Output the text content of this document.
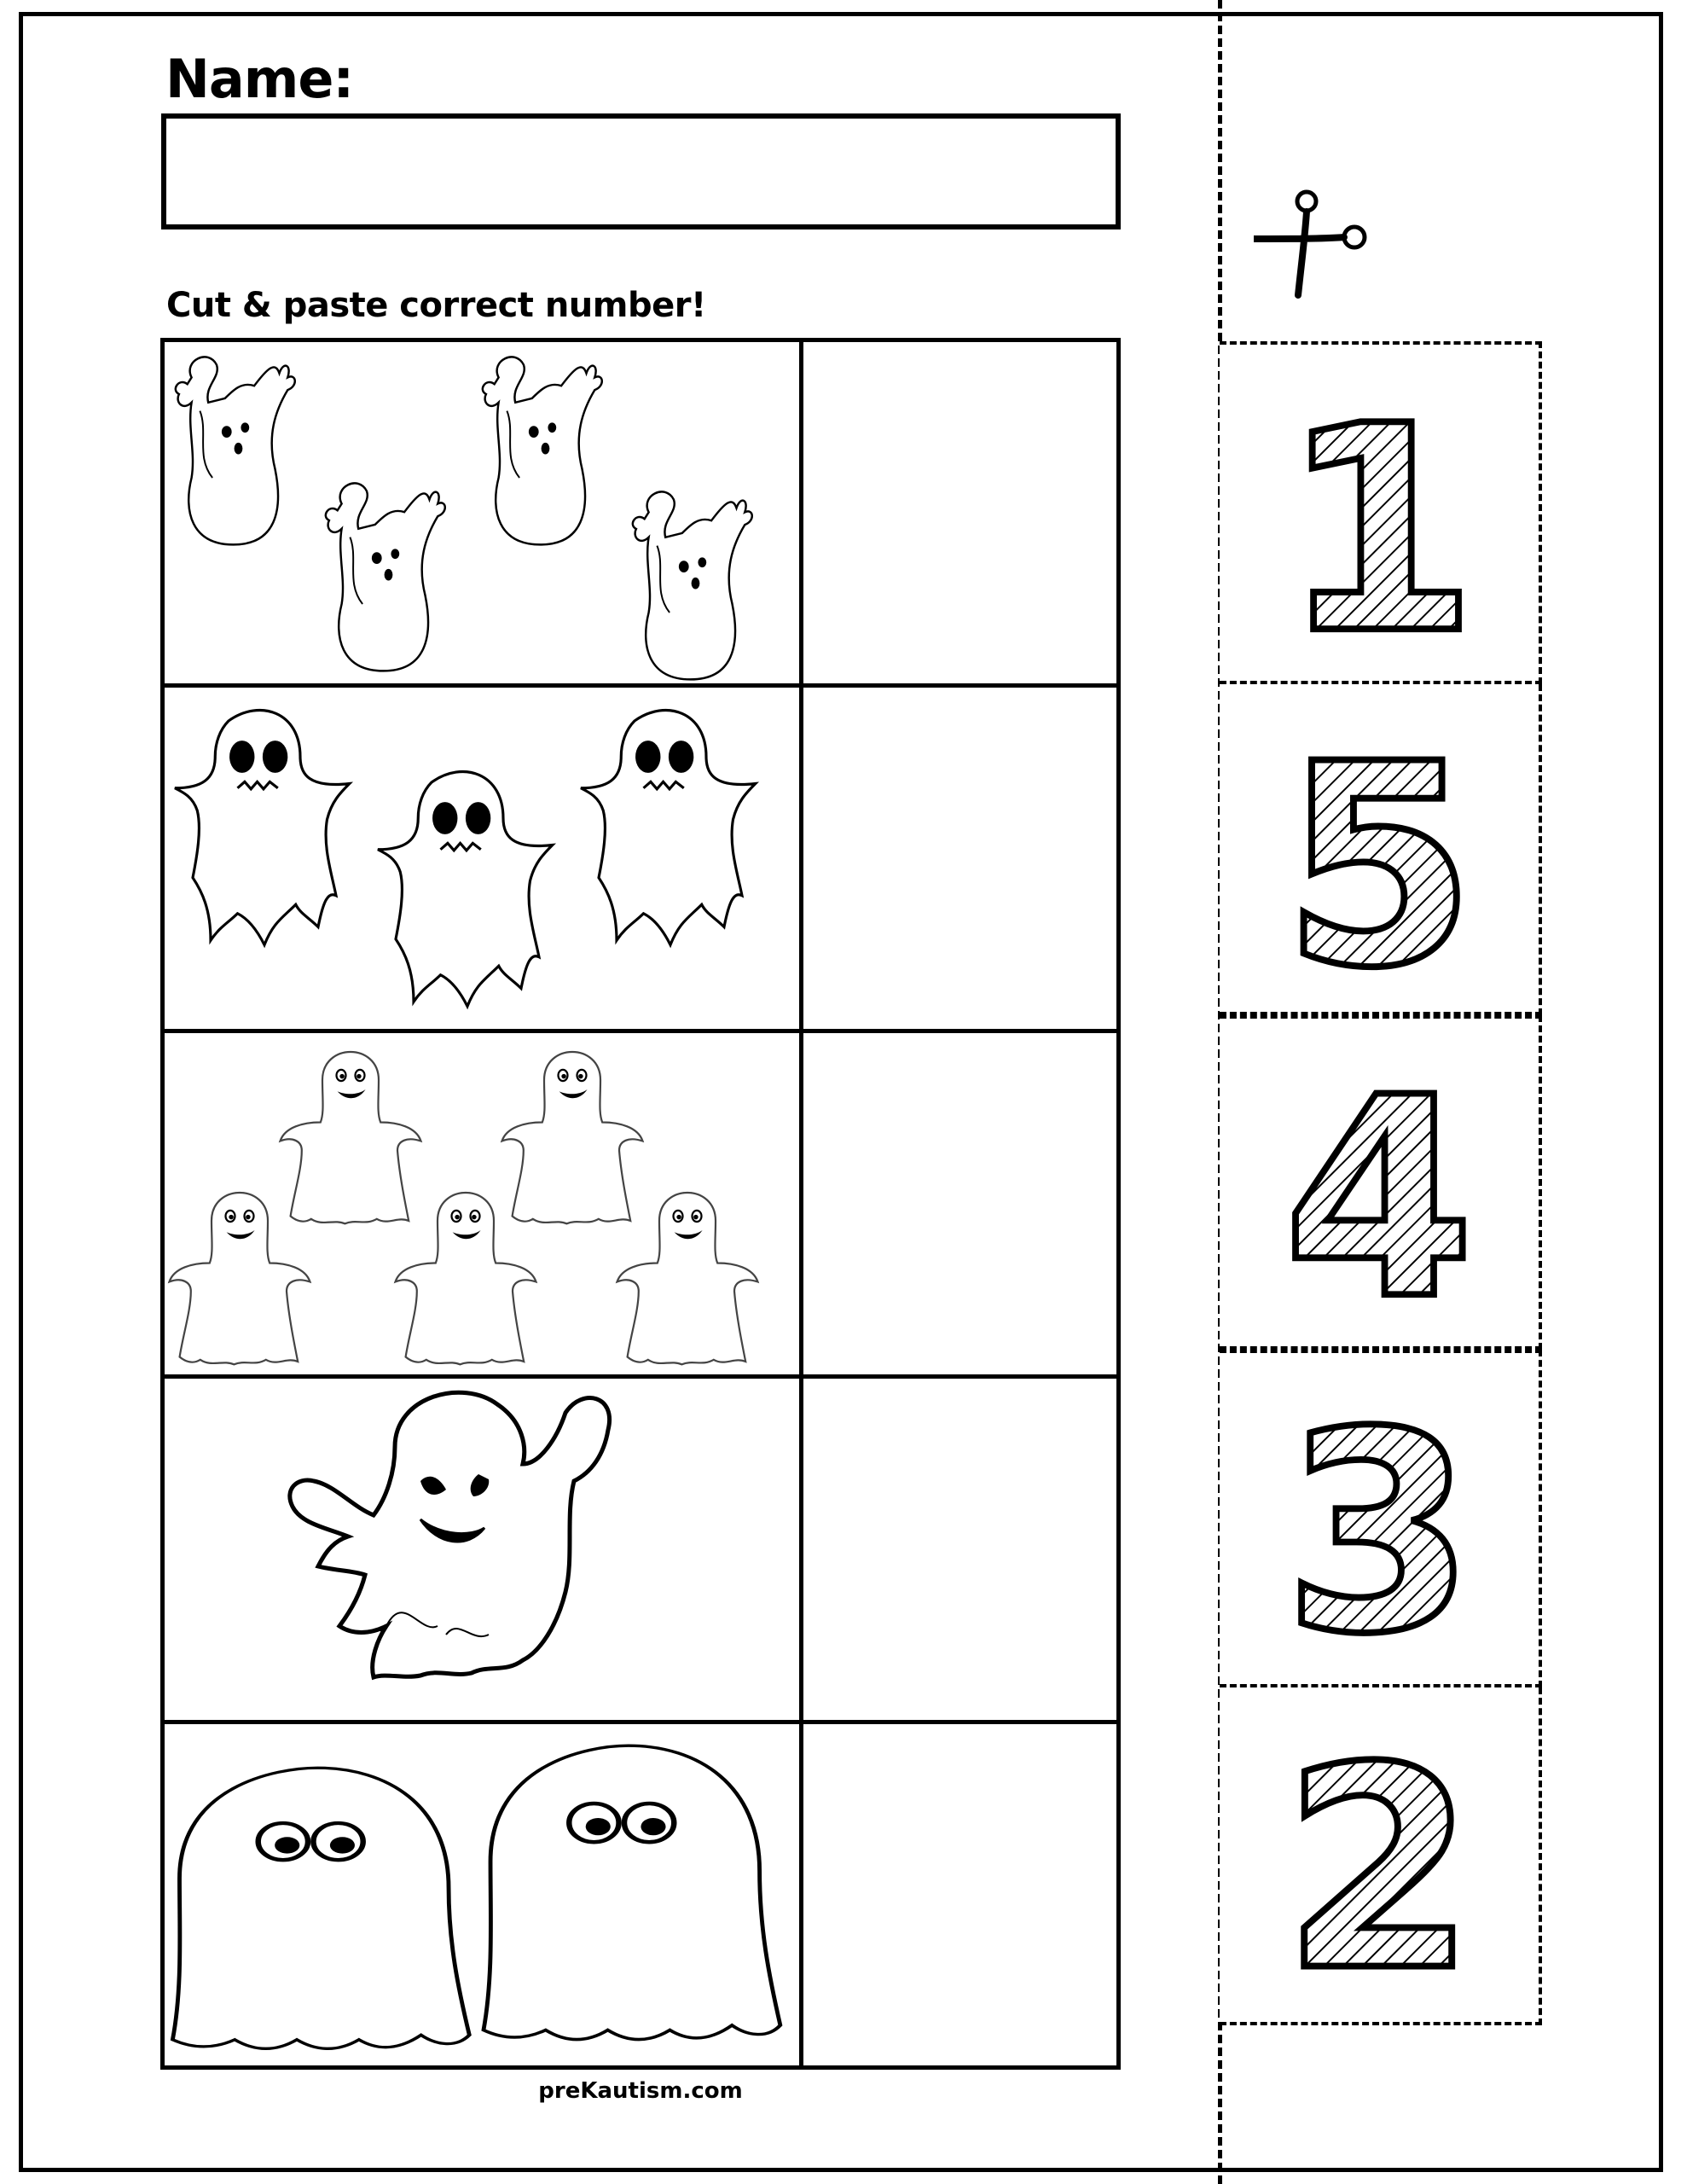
Name:
Cut & paste correct number!
preKautism.com
1
5
4
3
2
